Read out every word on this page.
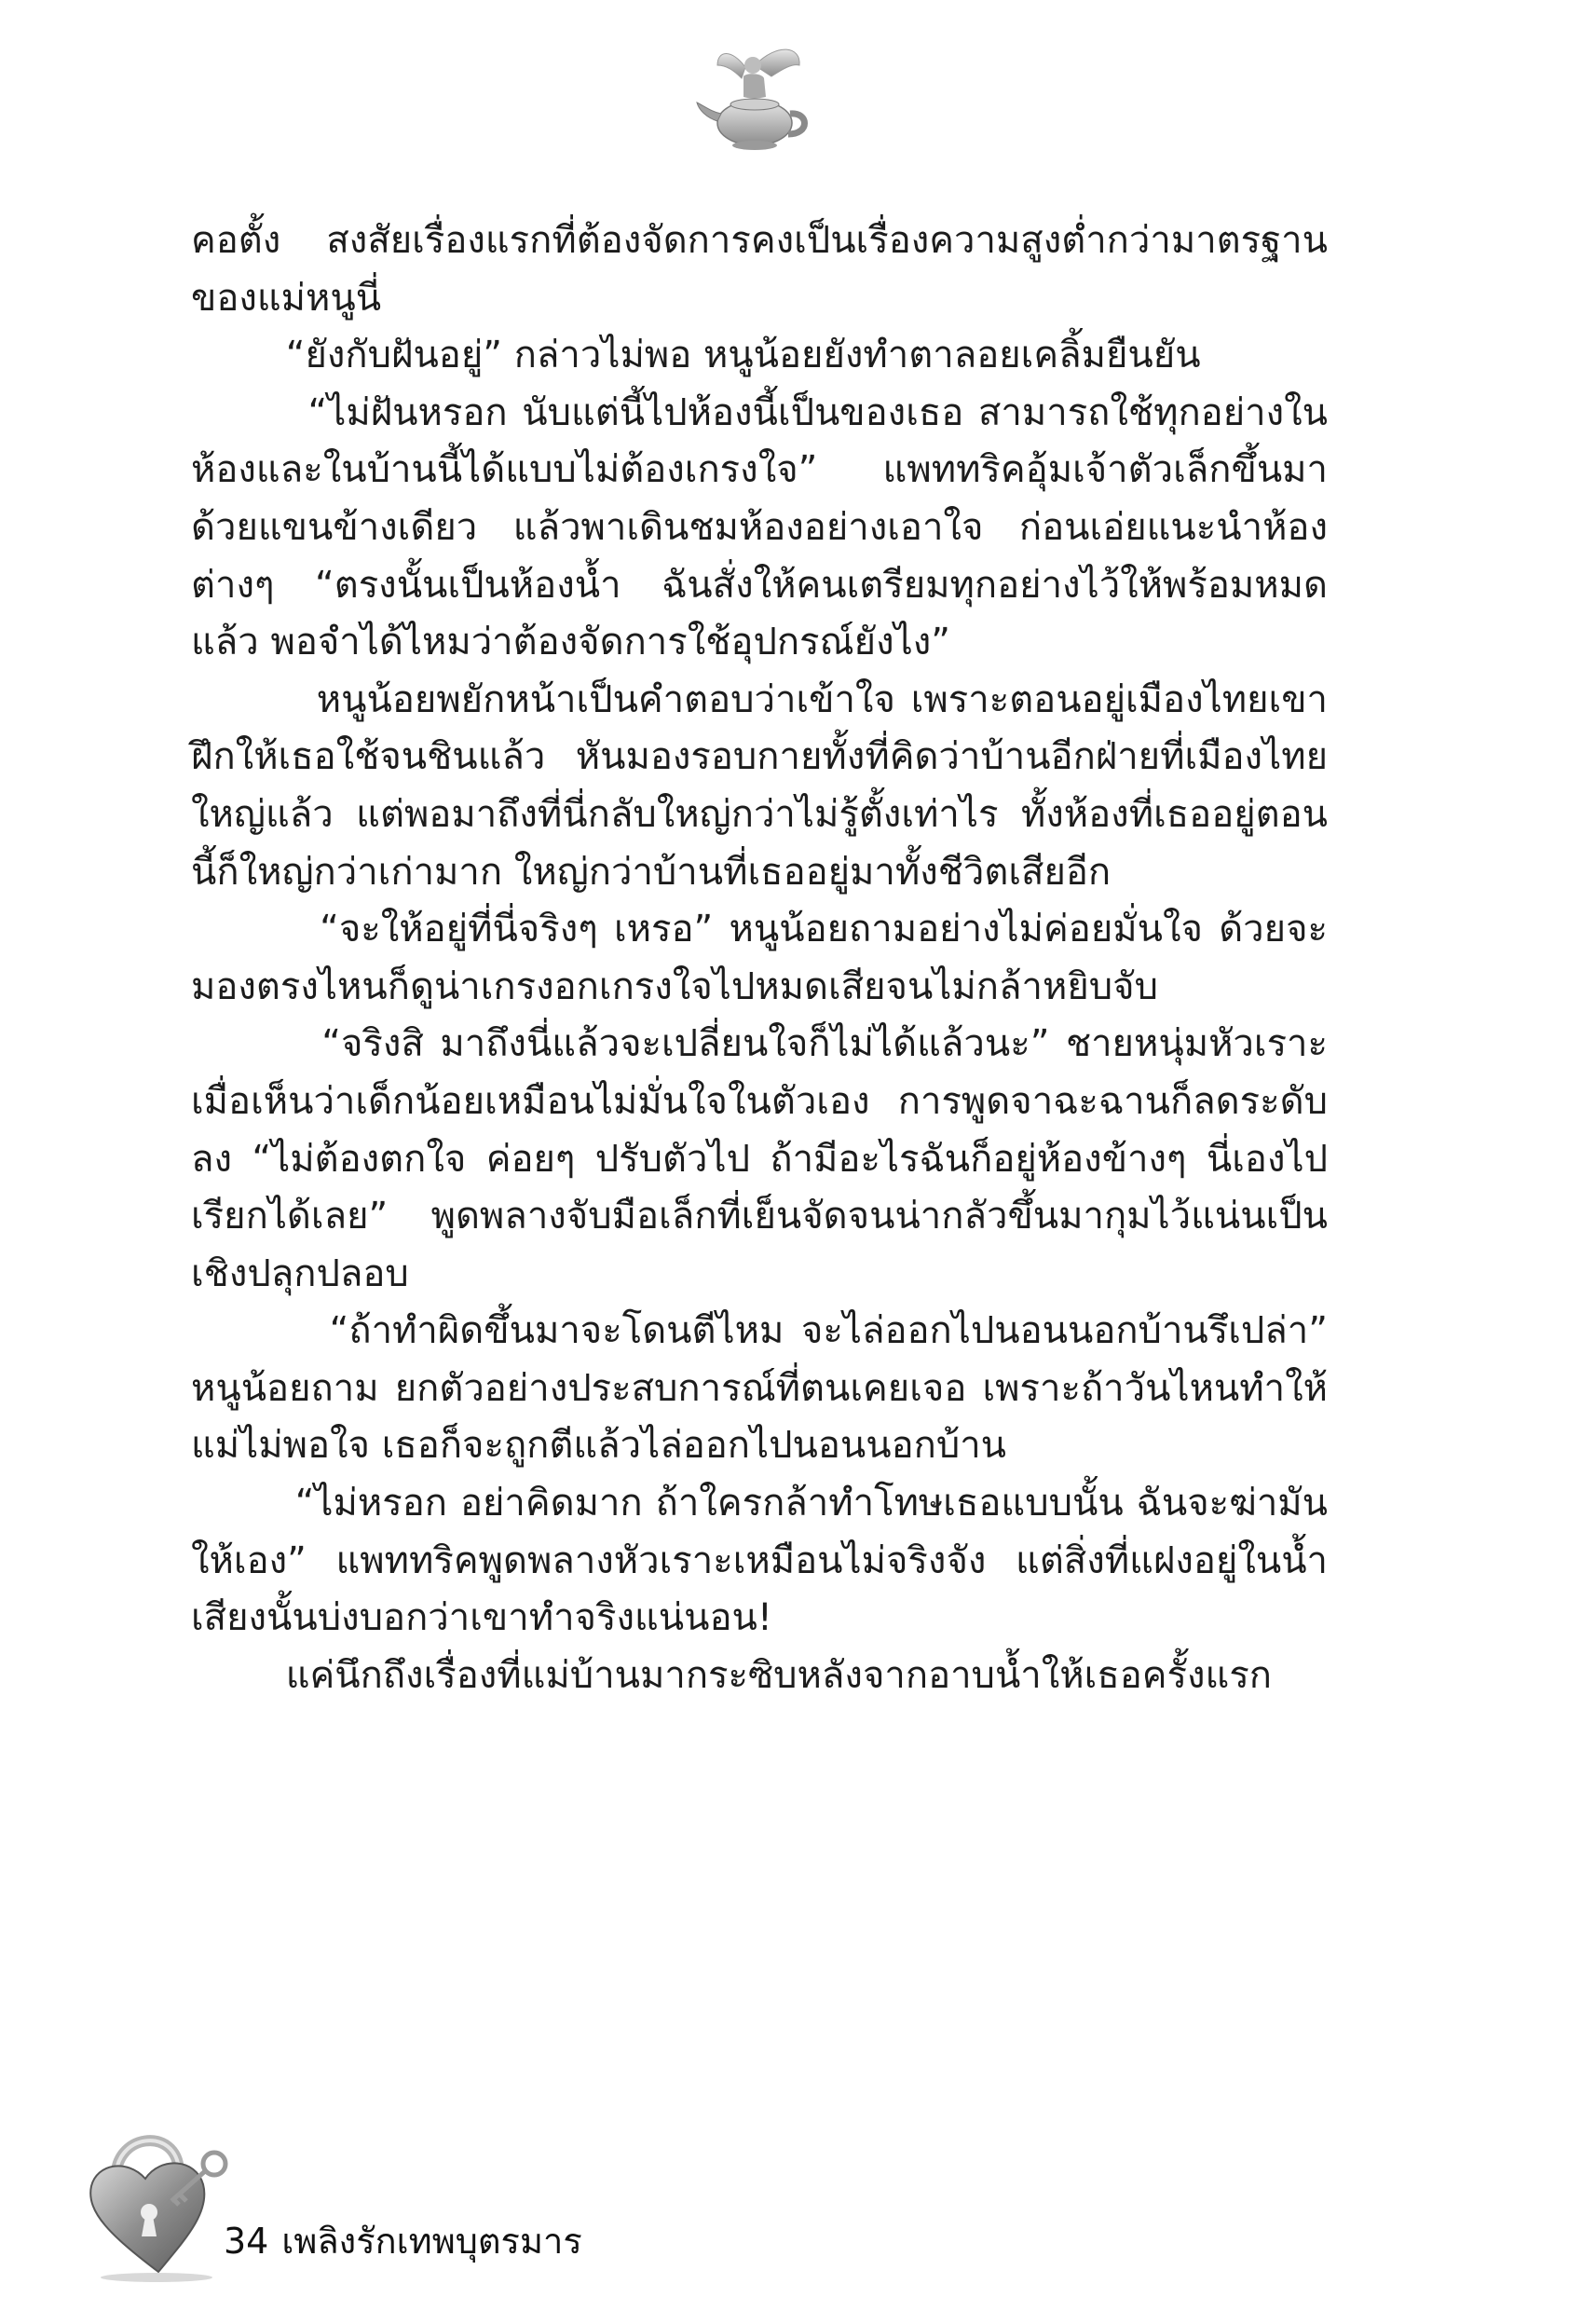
คอตั้ง สงสัยเรื่องแรกที่ต้องจัดการคงเป็นเรื่องความสูงต่ำกว่ามาตรฐานของแม่หนูนี่

“ยังกับฝันอยู่” กล่าวไม่พอ หนูน้อยยังทำตาลอยเคลิ้มยืนยัน

“ไม่ฝันหรอก นับแต่นี้ไปห้องนี้เป็นของเธอ สามารถใช้ทุกอย่างในห้องและในบ้านนี้ได้แบบไม่ต้องเกรงใจ” แพททริคอุ้มเจ้าตัวเล็กขึ้นมาด้วยแขนข้างเดียว แล้วพาเดินชมห้องอย่างเอาใจ ก่อนเอ่ยแนะนำห้องต่างๆ “ตรงนั้นเป็นห้องน้ำ ฉันสั่งให้คนเตรียมทุกอย่างไว้ให้พร้อมหมดแล้ว พอจำได้ไหมว่าต้องจัดการใช้อุปกรณ์ยังไง”

หนูน้อยพยักหน้าเป็นคำตอบว่าเข้าใจ เพราะตอนอยู่เมืองไทยเขาฝึกให้เธอใช้จนชินแล้ว หันมองรอบกายทั้งที่คิดว่าบ้านอีกฝ่ายที่เมืองไทยใหญ่แล้ว แต่พอมาถึงที่นี่กลับใหญ่กว่าไม่รู้ตั้งเท่าไร ทั้งห้องที่เธออยู่ตอนนี้ก็ใหญ่กว่าเก่ามาก ใหญ่กว่าบ้านที่เธออยู่มาทั้งชีวิตเสียอีก

“จะให้อยู่ที่นี่จริงๆ เหรอ” หนูน้อยถามอย่างไม่ค่อยมั่นใจ ด้วยจะมองตรงไหนก็ดูน่าเกรงอกเกรงใจไปหมดเสียจนไม่กล้าหยิบจับ

“จริงสิ มาถึงนี่แล้วจะเปลี่ยนใจก็ไม่ได้แล้วนะ” ชายหนุ่มหัวเราะเมื่อเห็นว่าเด็กน้อยเหมือนไม่มั่นใจในตัวเอง การพูดจาฉะฉานก็ลดระดับลง “ไม่ต้องตกใจ ค่อยๆ ปรับตัวไป ถ้ามีอะไรฉันก็อยู่ห้องข้างๆ นี่เองไปเรียกได้เลย” พูดพลางจับมือเล็กที่เย็นจัดจนน่ากลัวขึ้นมากุมไว้แน่นเป็นเชิงปลุกปลอบ

“ถ้าทำผิดขึ้นมาจะโดนตีไหม จะไล่ออกไปนอนนอกบ้านรึเปล่า” หนูน้อยถาม ยกตัวอย่างประสบการณ์ที่ตนเคยเจอ เพราะถ้าวันไหนทำให้แม่ไม่พอใจ เธอก็จะถูกตีแล้วไล่ออกไปนอนนอกบ้าน

“ไม่หรอก อย่าคิดมาก ถ้าใครกล้าทำโทษเธอแบบนั้น ฉันจะฆ่ามันให้เอง” แพททริคพูดพลางหัวเราะเหมือนไม่จริงจัง แต่สิ่งที่แฝงอยู่ในน้ำเสียงนั้นบ่งบอกว่าเขาทำจริงแน่นอน!

แค่นึกถึงเรื่องที่แม่บ้านมากระซิบหลังจากอาบน้ำให้เธอครั้งแรก

34 เพลิงรักเทพบุตรมาร
